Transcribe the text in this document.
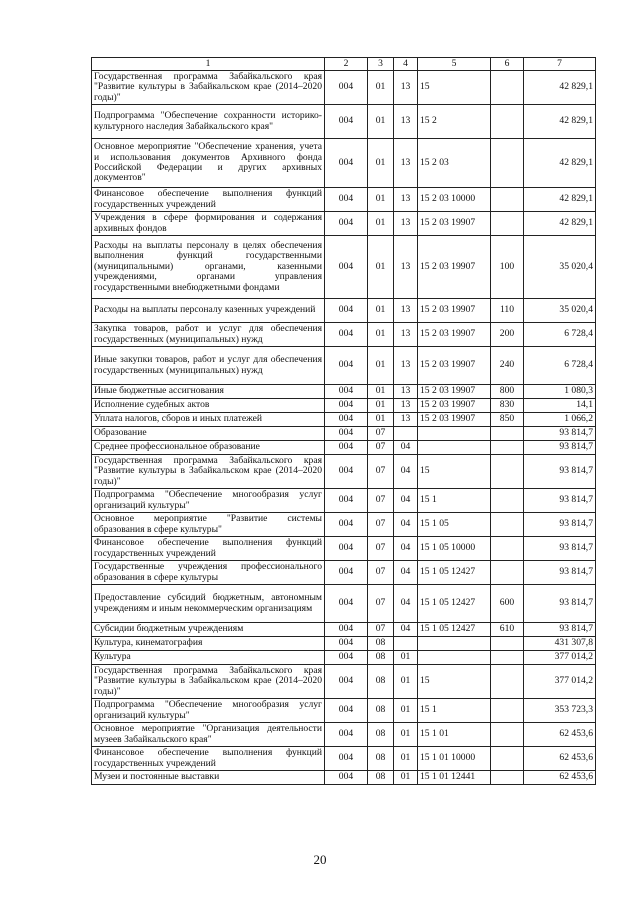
1	2	3	4	5	6	7
Государственная программа Забайкальского края "Развитие культуры в Забайкальском крае (2014–2020 годы)"	004	01	13	15		42 829,1
Подпрограмма "Обеспечение сохранности историко-культурного наследия Забайкальского края"	004	01	13	15 2		42 829,1
Основное мероприятие "Обеспечение хранения, учета и использования документов Архивного фонда Российской Федерации и других архивных документов"	004	01	13	15 2 03		42 829,1
Финансовое обеспечение выполнения функций государственных учреждений	004	01	13	15 2 03 10000		42 829,1
Учреждения в сфере формирования и содержания архивных фондов	004	01	13	15 2 03 19907		42 829,1
Расходы на выплаты персоналу в целях обеспечения выполнения функций государственными (муниципальными) органами, казенными учреждениями, органами управления государственными внебюджетными фондами	004	01	13	15 2 03 19907	100	35 020,4
Расходы на выплаты персоналу казенных учреждений	004	01	13	15 2 03 19907	110	35 020,4
Закупка товаров, работ и услуг для обеспечения государственных (муниципальных) нужд	004	01	13	15 2 03 19907	200	6 728,4
Иные закупки товаров, работ и услуг для обеспечения государственных (муниципальных) нужд	004	01	13	15 2 03 19907	240	6 728,4
Иные бюджетные ассигнования	004	01	13	15 2 03 19907	800	1 080,3
Исполнение судебных актов	004	01	13	15 2 03 19907	830	14,1
Уплата налогов, сборов и иных платежей	004	01	13	15 2 03 19907	850	1 066,2
Образование	004	07				93 814,7
Среднее профессиональное образование	004	07	04			93 814,7
Государственная программа Забайкальского края "Развитие культуры в Забайкальском крае (2014–2020 годы)"	004	07	04	15		93 814,7
Подпрограмма "Обеспечение многообразия услуг организаций культуры"	004	07	04	15 1		93 814,7
Основное мероприятие "Развитие системы образования в сфере культуры"	004	07	04	15 1 05		93 814,7
Финансовое обеспечение выполнения функций государственных учреждений	004	07	04	15 1 05 10000		93 814,7
Государственные учреждения профессионального образования в сфере культуры	004	07	04	15 1 05 12427		93 814,7
Предоставление субсидий бюджетным, автономным учреждениям и иным некоммерческим организациям	004	07	04	15 1 05 12427	600	93 814,7
Субсидии бюджетным учреждениям	004	07	04	15 1 05 12427	610	93 814,7
Культура, кинематография	004	08				431 307,8
Культура	004	08	01			377 014,2
Государственная программа Забайкальского края "Развитие культуры в Забайкальском крае (2014–2020 годы)"	004	08	01	15		377 014,2
Подпрограмма "Обеспечение многообразия услуг организаций культуры"	004	08	01	15 1		353 723,3
Основное мероприятие "Организация деятельности музеев Забайкальского края"	004	08	01	15 1 01		62 453,6
Финансовое обеспечение выполнения функций государственных учреждений	004	08	01	15 1 01 10000		62 453,6
Музеи и постоянные выставки	004	08	01	15 1 01 12441		62 453,6
20
